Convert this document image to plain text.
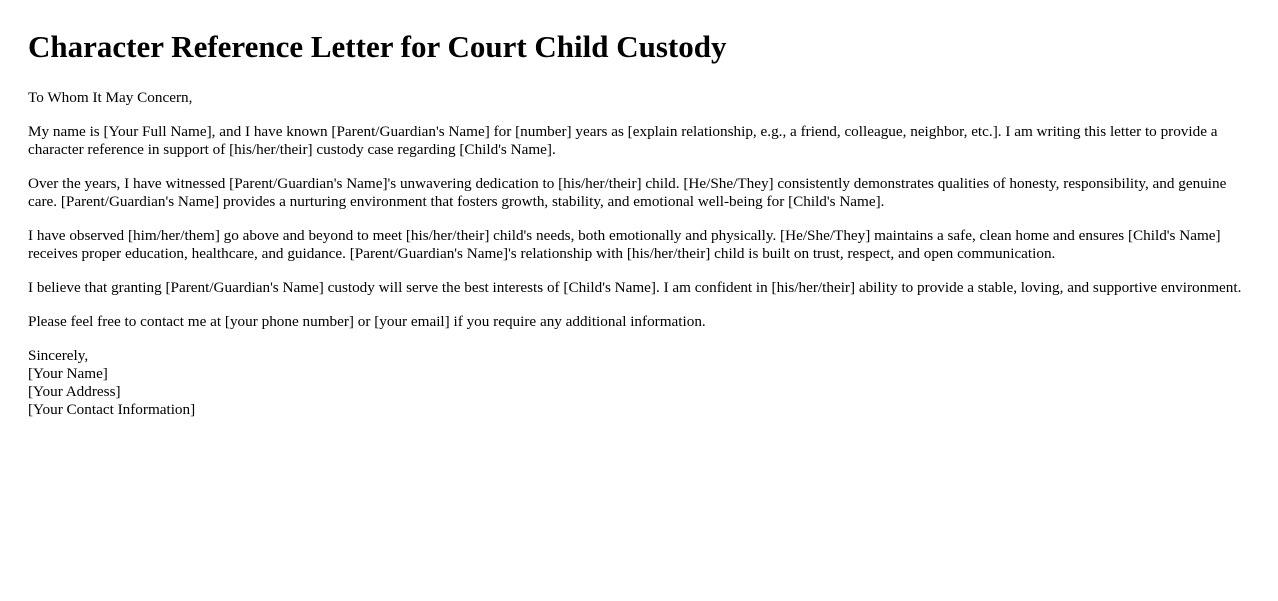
Character Reference Letter for Court Child Custody

To Whom It May Concern,

My name is [Your Full Name], and I have known [Parent/Guardian's Name] for [number] years as [explain relationship, e.g., a friend, colleague, neighbor, etc.]. I am writing this letter to provide a character reference in support of [his/her/their] custody case regarding [Child's Name].

Over the years, I have witnessed [Parent/Guardian's Name]'s unwavering dedication to [his/her/their] child. [He/She/They] consistently demonstrates qualities of honesty, responsibility, and genuine care. [Parent/Guardian's Name] provides a nurturing environment that fosters growth, stability, and emotional well-being for [Child's Name].

I have observed [him/her/them] go above and beyond to meet [his/her/their] child's needs, both emotionally and physically. [He/She/They] maintains a safe, clean home and ensures [Child's Name] receives proper education, healthcare, and guidance. [Parent/Guardian's Name]'s relationship with [his/her/their] child is built on trust, respect, and open communication.

I believe that granting [Parent/Guardian's Name] custody will serve the best interests of [Child's Name]. I am confident in [his/her/their] ability to provide a stable, loving, and supportive environment.

Please feel free to contact me at [your phone number] or [your email] if you require any additional information.

Sincerely,
[Your Name]
[Your Address]
[Your Contact Information]
